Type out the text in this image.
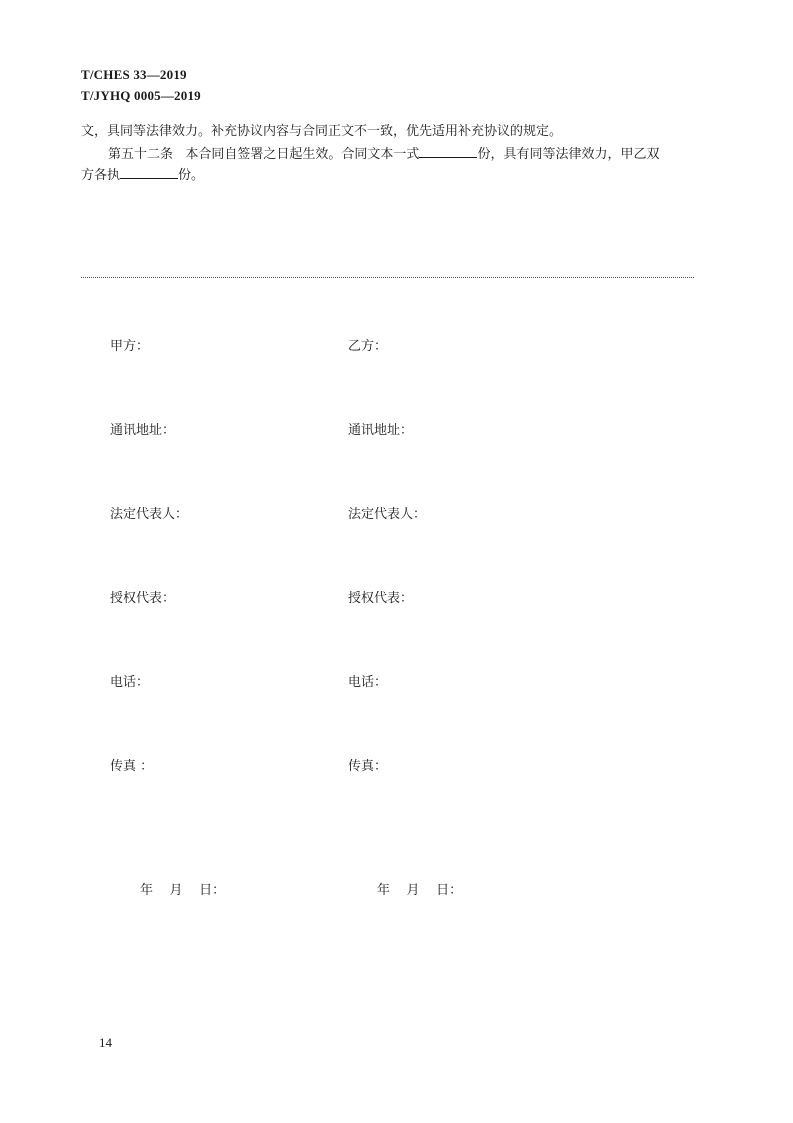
T/CHES 33—2019
T/JYHQ 0005—2019
文，具同等法律效力。补充协议内容与合同正文不一致，优先适用补充协议的规定。
第五十二条 本合同自签署之日起生效。合同文本一式	份，具有同等法律效力，甲乙双
方各执	份。
甲方：	乙方：
通讯地址：	通讯地址：
法定代表人：	法定代表人：
授权代表：	授权代表：
电话：	电话：
传真 ：	传真：
年 月 日：	年 月 日：
14
